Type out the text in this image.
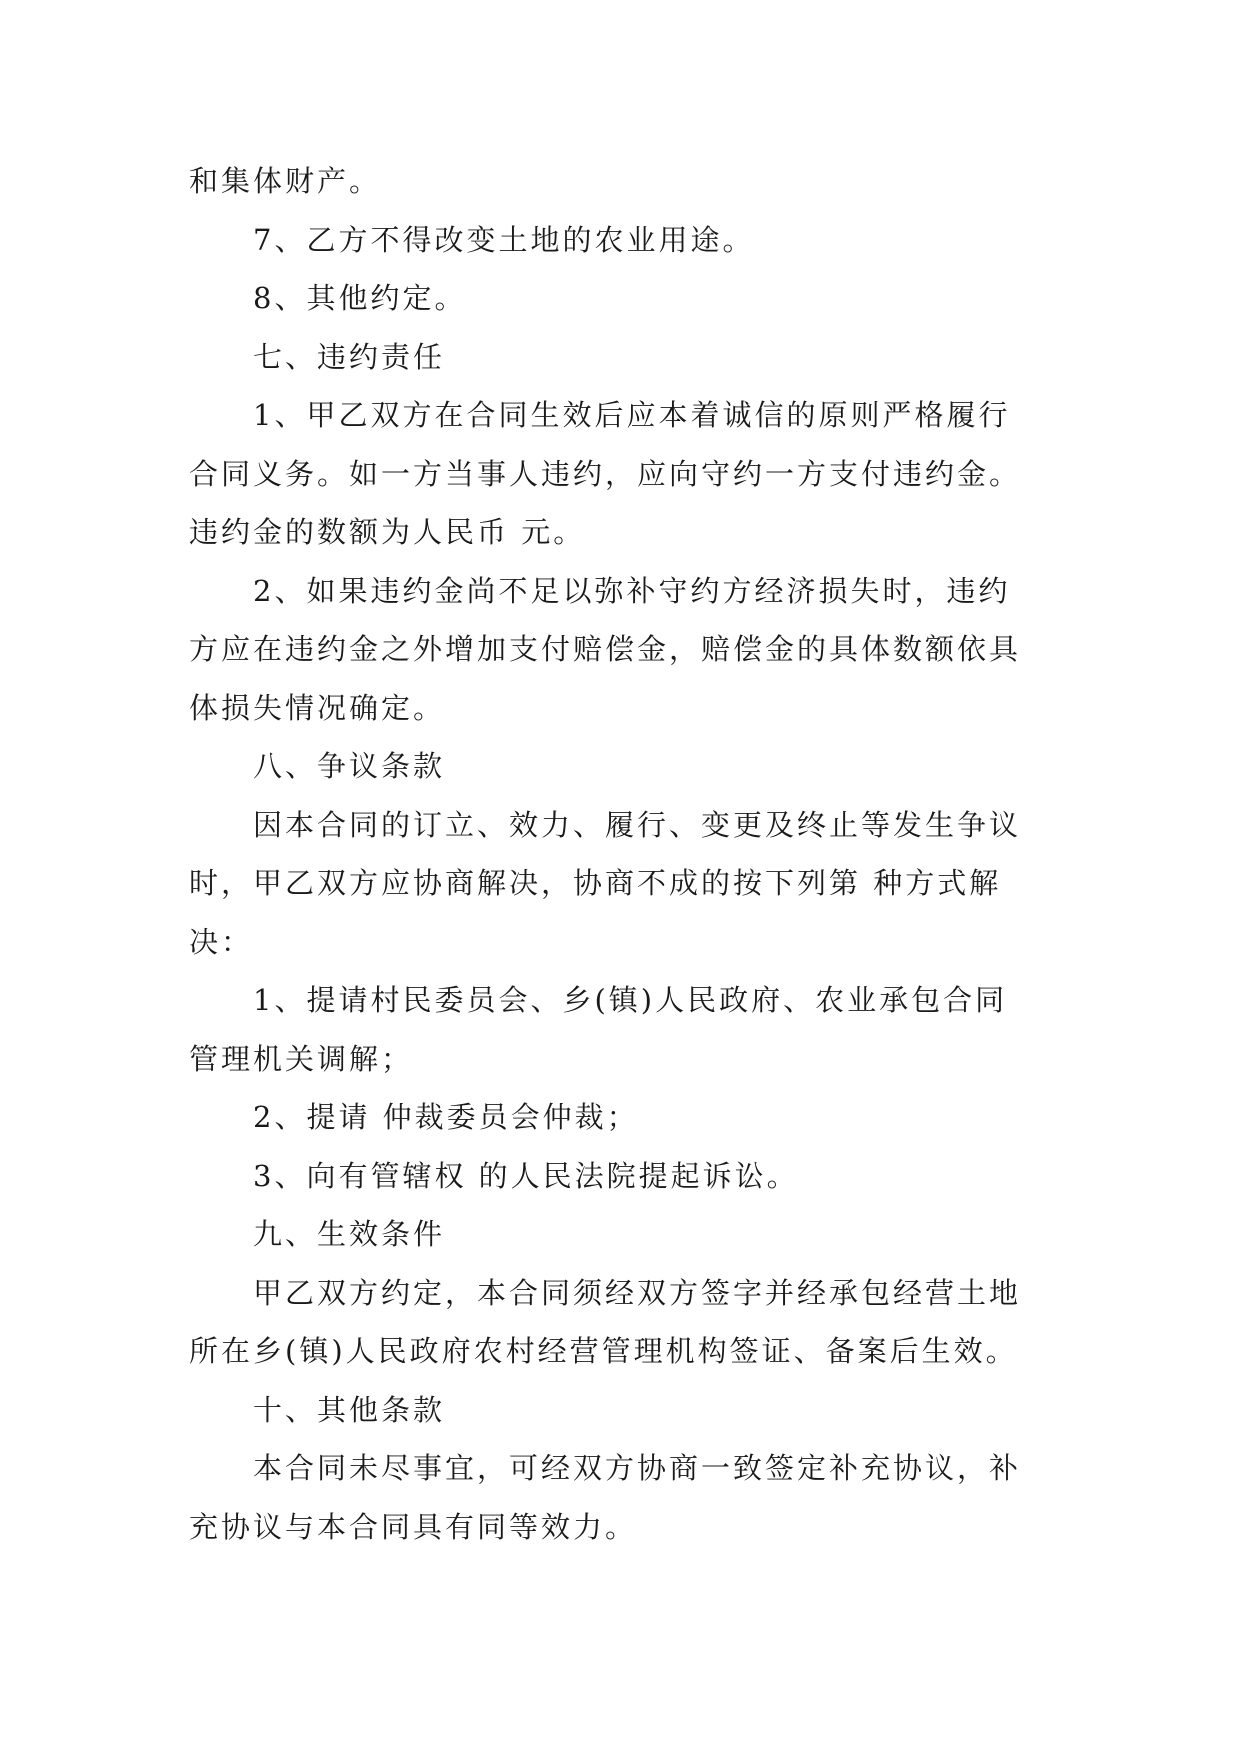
和集体财产。
7、乙方不得改变土地的农业用途。
8、其他约定。
七、违约责任
1、甲乙双方在合同生效后应本着诚信的原则严格履行
合同义务。如一方当事人违约，应向守约一方支付违约金。
违约金的数额为人民币 元。
2、如果违约金尚不足以弥补守约方经济损失时，违约
方应在违约金之外增加支付赔偿金，赔偿金的具体数额依具
体损失情况确定。
八、争议条款
因本合同的订立、效力、履行、变更及终止等发生争议
时，甲乙双方应协商解决，协商不成的按下列第 种方式解
决：
1、提请村民委员会、乡(镇)人民政府、农业承包合同
管理机关调解；
2、提请 仲裁委员会仲裁；
3、向有管辖权 的人民法院提起诉讼。
九、生效条件
甲乙双方约定，本合同须经双方签字并经承包经营土地
所在乡(镇)人民政府农村经营管理机构签证、备案后生效。
十、其他条款
本合同未尽事宜，可经双方协商一致签定补充协议，补
充协议与本合同具有同等效力。
